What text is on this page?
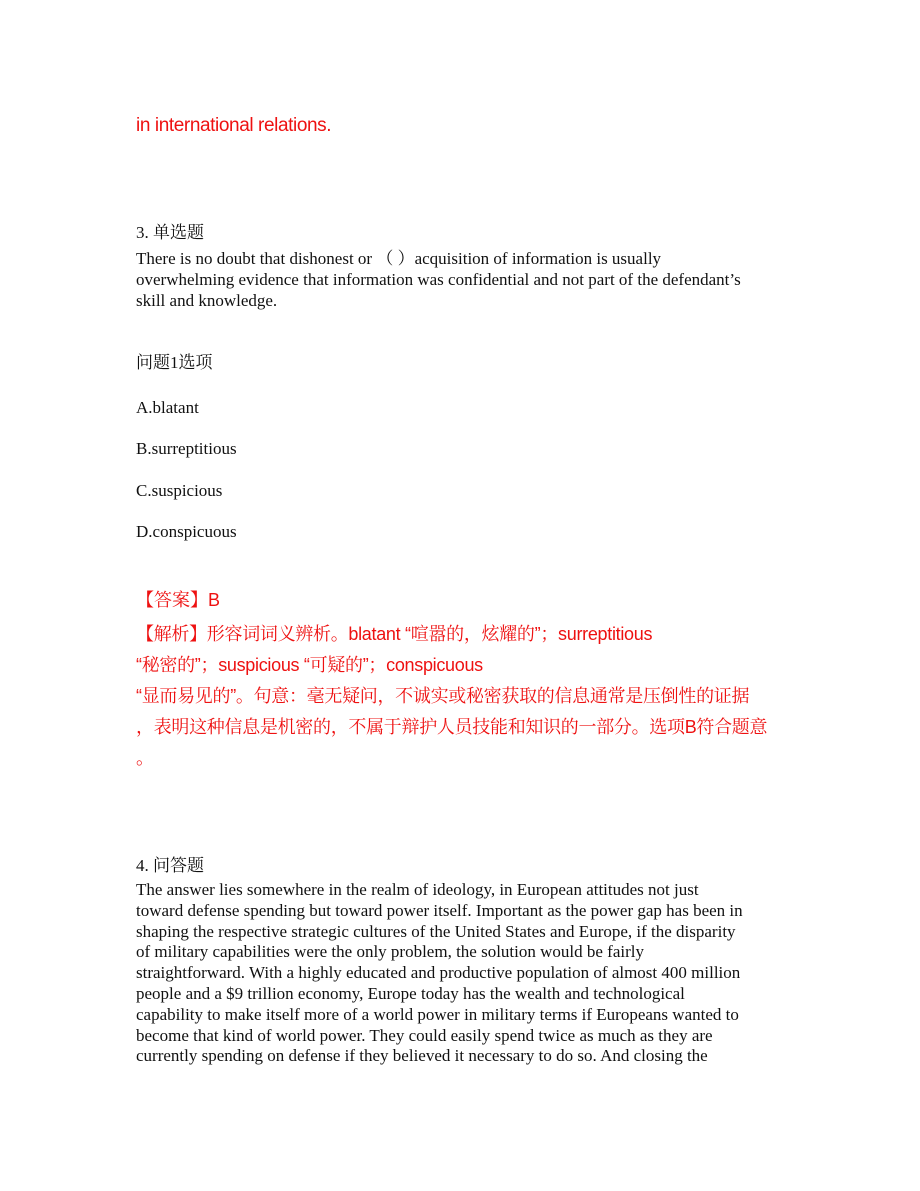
in international relations.

3. 单选题

There is no doubt that dishonest or （ ）acquisition of information is usually
overwhelming evidence that information was confidential and not part of the defendant’s
skill and knowledge.

问题1选项

A.blatant

B.surreptitious

C.suspicious

D.conspicuous

【答案】B

【解析】形容词词义辨析。blatant “喧嚣的，炫耀的”；surreptitious
“秘密的”；suspicious “可疑的”；conspicuous
“显而易见的”。句意：毫无疑问，不诚实或秘密获取的信息通常是压倒性的证据
，表明这种信息是机密的，不属于辩护人员技能和知识的一部分。选项B符合题意
。

4. 问答题

The answer lies somewhere in the realm of ideology, in European attitudes not just
toward defense spending but toward power itself. Important as the power gap has been in
shaping the respective strategic cultures of the United States and Europe, if the disparity
of military capabilities were the only problem, the solution would be fairly
straightforward. With a highly educated and productive population of almost 400 million
people and a $9 trillion economy, Europe today has the wealth and technological
capability to make itself more of a world power in military terms if Europeans wanted to
become that kind of world power. They could easily spend twice as much as they are
currently spending on defense if they believed it necessary to do so. And closing the
